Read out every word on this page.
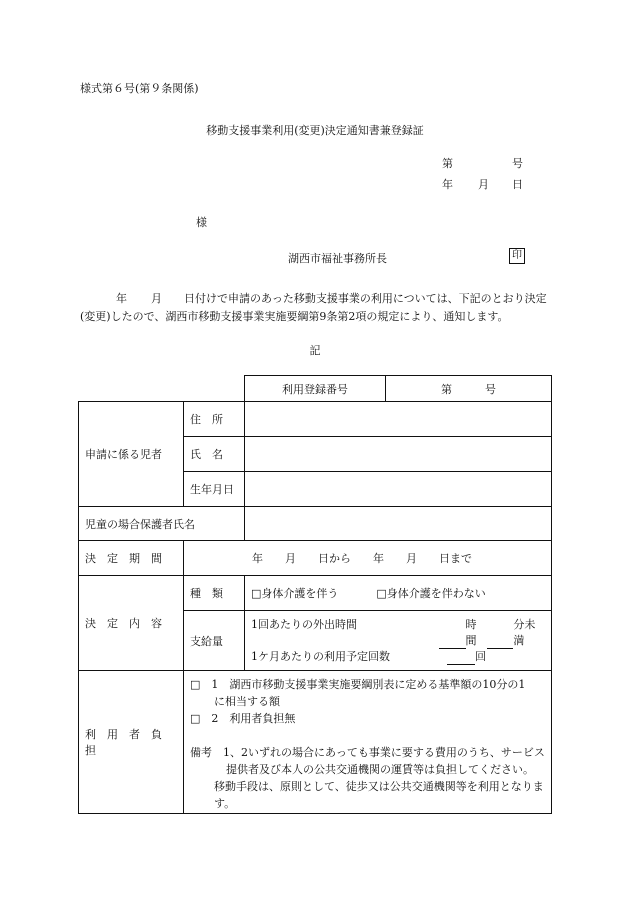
様式第６号(第９条関係)
移動支援事業利用(変更)決定通知書兼登録証
第	号
年 月 日
様
湖西市福祉事務所長	印
年 月 日付けで申請のあった移動支援事業の利用については、下記のとおり決定(変更)したので、湖西市移動支援事業実施要綱第9条第2項の規定により、通知します。
記
		利用登録番号	第　　　号
申請に係る児者	住　所		
	氏　名		
	生年月日		
児童の場合保護者氏名			
決　定　期　間	年　　月　　日から　　年　　月　　日まで		
決　定　内　容	種　類	□身体介護を伴う □身体介護を伴わない	
	支給量	1回あたりの外出時間 時間
分未満
1ケ月あたりの利用予定回数 回	

利　用　者　負　担	□　1　湖西市移動支援事業実施要綱別表に定める基準額の10分の1

に相当する額

□　2　利用者負担無

備考　1、2いずれの場合にあっても事業に要する費用のうち、サービス提供者及び本人の公共交通機関の運賃等は負担してください。

移動手段は、原則として、徒歩又は公共交通機関等を利用となります。		
